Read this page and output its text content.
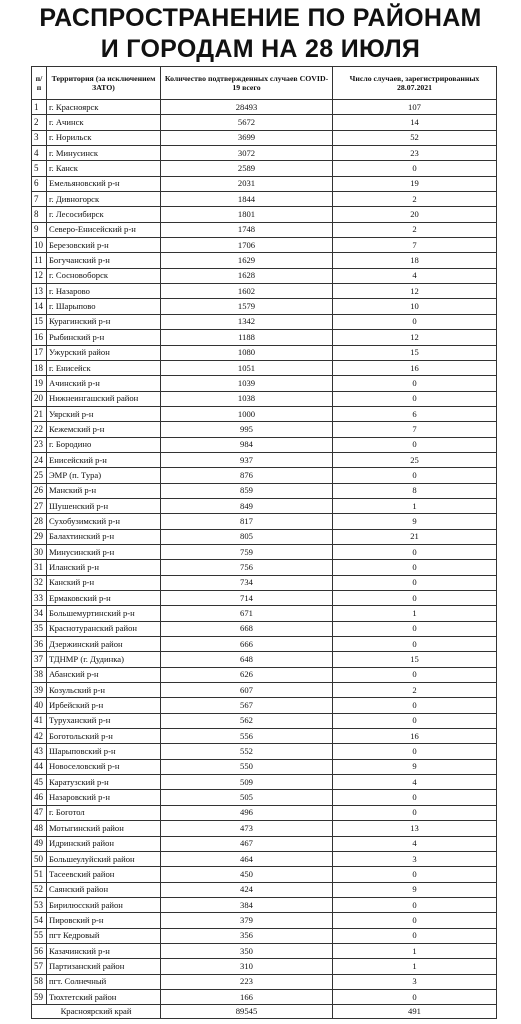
РАСПРОСТРАНЕНИЕ ПО РАЙОНАМ
И ГОРОДАМ НА 28 ИЮЛЯ
п/п	Территория (за исключением ЗАТО)	Количество подтвержденных случаев COVID-19 всего	Число случаев, зарегистрированных 28.07.2021
1	г. Красноярск	28493	107
2	г. Ачинск	5672	14
3	г. Норильск	3699	52
4	г. Минусинск	3072	23
5	г. Канск	2589	0
6	Емельяновский р-н	2031	19
7	г. Дивногорск	1844	2
8	г. Лесосибирск	1801	20
9	Северо-Енисейский р-н	1748	2
10	Березовский р-н	1706	7
11	Богучанский р-н	1629	18
12	г. Сосновоборск	1628	4
13	г. Назарово	1602	12
14	г. Шарыпово	1579	10
15	Курагинский р-н	1342	0
16	Рыбинский р-н	1188	12
17	Ужурский район	1080	15
18	г. Енисейск	1051	16
19	Ачинский р-н	1039	0
20	Нижнеингашский район	1038	0
21	Уярский р-н	1000	6
22	Кежемский р-н	995	7
23	г. Бородино	984	0
24	Енисейский р-н	937	25
25	ЭМР (п. Тура)	876	0
26	Манский р-н	859	8
27	Шушенский р-н	849	1
28	Сухобузимский р-н	817	9
29	Балахтинский р-н	805	21
30	Минусинский р-н	759	0
31	Иланский р-н	756	0
32	Канский р-н	734	0
33	Ермаковский р-н	714	0
34	Большемуртинский р-н	671	1
35	Краснотуранский район	668	0
36	Дзержинский район	666	0
37	ТДНМР (г. Дудинка)	648	15
38	Абанский р-н	626	0
39	Козульский р-н	607	2
40	Ирбейский р-н	567	0
41	Туруханский р-н	562	0
42	Боготольский р-н	556	16
43	Шарыповский р-н	552	0
44	Новоселовский р-н	550	9
45	Каратузский р-н	509	4
46	Назаровский р-н	505	0
47	г. Боготол	496	0
48	Мотыгинский район	473	13
49	Идринский район	467	4
50	Большеулуйский район	464	3
51	Тасеевский район	450	0
52	Саянский район	424	9
53	Бирилюсский район	384	0
54	Пировский р-н	379	0
55	пгт Кедровый	356	0
56	Казачинский р-н	350	1
57	Партизанский район	310	1
58	пгт. Солнечный	223	3
59	Тюхтетский район	166	0
Красноярский край		89545	491
